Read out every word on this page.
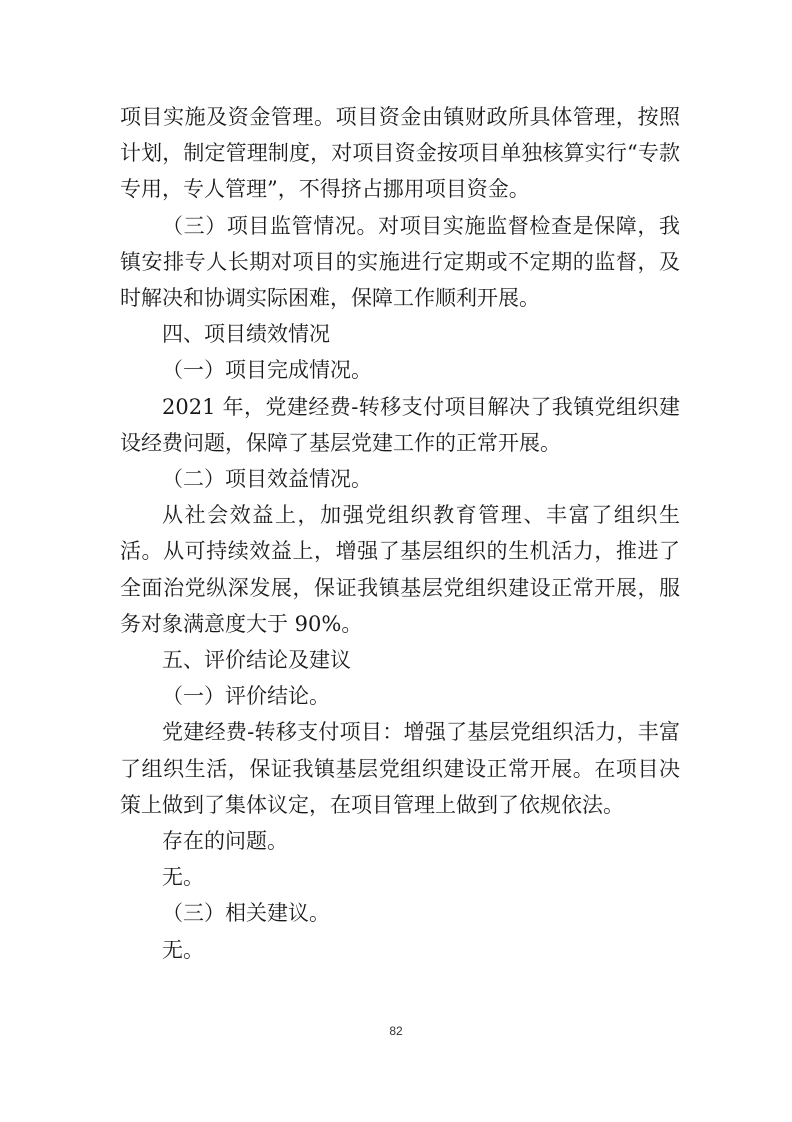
项目实施及资金管理。项目资金由镇财政所具体管理，按照计划，制定管理制度，对项目资金按项目单独核算实行“专款专用，专人管理”，不得挤占挪用项目资金。

（三）项目监管情况。对项目实施监督检查是保障，我镇安排专人长期对项目的实施进行定期或不定期的监督，及时解决和协调实际困难，保障工作顺利开展。

四、项目绩效情况

（一）项目完成情况。

2021 年，党建经费-转移支付项目解决了我镇党组织建设经费问题，保障了基层党建工作的正常开展。

（二）项目效益情况。

从社会效益上，加强党组织教育管理、丰富了组织生活。从可持续效益上，增强了基层组织的生机活力，推进了全面治党纵深发展，保证我镇基层党组织建设正常开展，服务对象满意度大于 90%。

五、评价结论及建议

（一）评价结论。

党建经费-转移支付项目：增强了基层党组织活力，丰富了组织生活，保证我镇基层党组织建设正常开展。在项目决策上做到了集体议定，在项目管理上做到了依规依法。

存在的问题。

无。

（三）相关建议。

无。

82
